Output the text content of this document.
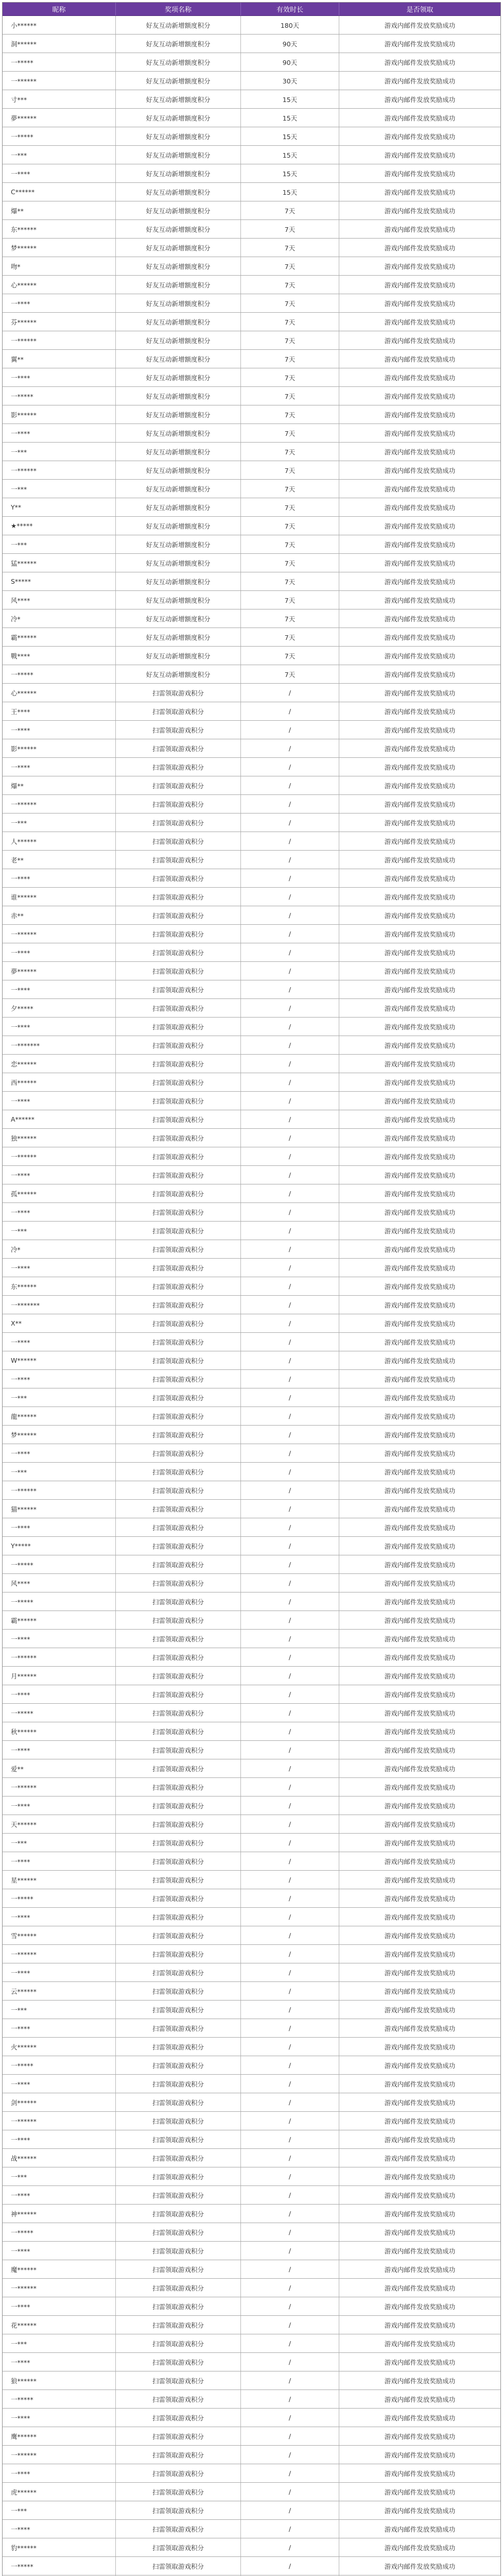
昵称	奖项名称	有效时长	是否领取
小******	好友互动新增额度积分	180天	游戏内邮件发放奖励成功
洞******	好友互动新增额度积分	90天	游戏内邮件发放奖励成功
一*****	好友互动新增额度积分	90天	游戏内邮件发放奖励成功
一******	好友互动新增额度积分	30天	游戏内邮件发放奖励成功
寸***	好友互动新增额度积分	15天	游戏内邮件发放奖励成功
夢******	好友互动新增额度积分	15天	游戏内邮件发放奖励成功
一*****	好友互动新增额度积分	15天	游戏内邮件发放奖励成功
一***	好友互动新增额度积分	15天	游戏内邮件发放奖励成功
一****	好友互动新增额度积分	15天	游戏内邮件发放奖励成功
C******	好友互动新增额度积分	15天	游戏内邮件发放奖励成功
爆**	好友互动新增额度积分	7天	游戏内邮件发放奖励成功
东******	好友互动新增额度积分	7天	游戏内邮件发放奖励成功
梦******	好友互动新增额度积分	7天	游戏内邮件发放奖励成功
吻*	好友互动新增额度积分	7天	游戏内邮件发放奖励成功
心******	好友互动新增额度积分	7天	游戏内邮件发放奖励成功
一****	好友互动新增额度积分	7天	游戏内邮件发放奖励成功
芬******	好友互动新增额度积分	7天	游戏内邮件发放奖励成功
一******	好友互动新增额度积分	7天	游戏内邮件发放奖励成功
翼**	好友互动新增额度积分	7天	游戏内邮件发放奖励成功
一****	好友互动新增额度积分	7天	游戏内邮件发放奖励成功
一*****	好友互动新增额度积分	7天	游戏内邮件发放奖励成功
影******	好友互动新增额度积分	7天	游戏内邮件发放奖励成功
一****	好友互动新增额度积分	7天	游戏内邮件发放奖励成功
一***	好友互动新增额度积分	7天	游戏内邮件发放奖励成功
一******	好友互动新增额度积分	7天	游戏内邮件发放奖励成功
一***	好友互动新增额度积分	7天	游戏内邮件发放奖励成功
Y**	好友互动新增额度积分	7天	游戏内邮件发放奖励成功
★*****	好友互动新增额度积分	7天	游戏内邮件发放奖励成功
一***	好友互动新增额度积分	7天	游戏内邮件发放奖励成功
猛******	好友互动新增额度积分	7天	游戏内邮件发放奖励成功
S*****	好友互动新增额度积分	7天	游戏内邮件发放奖励成功
风****	好友互动新增额度积分	7天	游戏内邮件发放奖励成功
冷*	好友互动新增额度积分	7天	游戏内邮件发放奖励成功
霸******	好友互动新增额度积分	7天	游戏内邮件发放奖励成功
戰****	好友互动新增额度积分	7天	游戏内邮件发放奖励成功
一*****	好友互动新增额度积分	7天	游戏内邮件发放奖励成功
心******	扫雷领取游戏积分	/	游戏内邮件发放奖励成功
王****	扫雷领取游戏积分	/	游戏内邮件发放奖励成功
一****	扫雷领取游戏积分	/	游戏内邮件发放奖励成功
影******	扫雷领取游戏积分	/	游戏内邮件发放奖励成功
一****	扫雷领取游戏积分	/	游戏内邮件发放奖励成功
爆**	扫雷领取游戏积分	/	游戏内邮件发放奖励成功
一******	扫雷领取游戏积分	/	游戏内邮件发放奖励成功
一***	扫雷领取游戏积分	/	游戏内邮件发放奖励成功
人******	扫雷领取游戏积分	/	游戏内邮件发放奖励成功
老**	扫雷领取游戏积分	/	游戏内邮件发放奖励成功
一****	扫雷领取游戏积分	/	游戏内邮件发放奖励成功
谁******	扫雷领取游戏积分	/	游戏内邮件发放奖励成功
赤**	扫雷领取游戏积分	/	游戏内邮件发放奖励成功
一******	扫雷领取游戏积分	/	游戏内邮件发放奖励成功
一****	扫雷领取游戏积分	/	游戏内邮件发放奖励成功
夢******	扫雷领取游戏积分	/	游戏内邮件发放奖励成功
一****	扫雷领取游戏积分	/	游戏内邮件发放奖励成功
夕*****	扫雷领取游戏积分	/	游戏内邮件发放奖励成功
一****	扫雷领取游戏积分	/	游戏内邮件发放奖励成功
一*******	扫雷领取游戏积分	/	游戏内邮件发放奖励成功
恋******	扫雷领取游戏积分	/	游戏内邮件发放奖励成功
西******	扫雷领取游戏积分	/	游戏内邮件发放奖励成功
一****	扫雷领取游戏积分	/	游戏内邮件发放奖励成功
A******	扫雷领取游戏积分	/	游戏内邮件发放奖励成功
独******	扫雷领取游戏积分	/	游戏内邮件发放奖励成功
一******	扫雷领取游戏积分	/	游戏内邮件发放奖励成功
一****	扫雷领取游戏积分	/	游戏内邮件发放奖励成功
孤******	扫雷领取游戏积分	/	游戏内邮件发放奖励成功
一****	扫雷领取游戏积分	/	游戏内邮件发放奖励成功
一***	扫雷领取游戏积分	/	游戏内邮件发放奖励成功
冷*	扫雷领取游戏积分	/	游戏内邮件发放奖励成功
一****	扫雷领取游戏积分	/	游戏内邮件发放奖励成功
东******	扫雷领取游戏积分	/	游戏内邮件发放奖励成功
一*******	扫雷领取游戏积分	/	游戏内邮件发放奖励成功
X**	扫雷领取游戏积分	/	游戏内邮件发放奖励成功
一****	扫雷领取游戏积分	/	游戏内邮件发放奖励成功
W******	扫雷领取游戏积分	/	游戏内邮件发放奖励成功
一****	扫雷领取游戏积分	/	游戏内邮件发放奖励成功
一***	扫雷领取游戏积分	/	游戏内邮件发放奖励成功
龍******	扫雷领取游戏积分	/	游戏内邮件发放奖励成功
梦******	扫雷领取游戏积分	/	游戏内邮件发放奖励成功
一****	扫雷领取游戏积分	/	游戏内邮件发放奖励成功
一***	扫雷领取游戏积分	/	游戏内邮件发放奖励成功
一******	扫雷领取游戏积分	/	游戏内邮件发放奖励成功
猫******	扫雷领取游戏积分	/	游戏内邮件发放奖励成功
一****	扫雷领取游戏积分	/	游戏内邮件发放奖励成功
Y*****	扫雷领取游戏积分	/	游戏内邮件发放奖励成功
一*****	扫雷领取游戏积分	/	游戏内邮件发放奖励成功
风****	扫雷领取游戏积分	/	游戏内邮件发放奖励成功
一*****	扫雷领取游戏积分	/	游戏内邮件发放奖励成功
霸******	扫雷领取游戏积分	/	游戏内邮件发放奖励成功
一****	扫雷领取游戏积分	/	游戏内邮件发放奖励成功
一******	扫雷领取游戏积分	/	游戏内邮件发放奖励成功
月******	扫雷领取游戏积分	/	游戏内邮件发放奖励成功
一****	扫雷领取游戏积分	/	游戏内邮件发放奖励成功
一*****	扫雷领取游戏积分	/	游戏内邮件发放奖励成功
秋******	扫雷领取游戏积分	/	游戏内邮件发放奖励成功
一****	扫雷领取游戏积分	/	游戏内邮件发放奖励成功
爱**	扫雷领取游戏积分	/	游戏内邮件发放奖励成功
一******	扫雷领取游戏积分	/	游戏内邮件发放奖励成功
一****	扫雷领取游戏积分	/	游戏内邮件发放奖励成功
天******	扫雷领取游戏积分	/	游戏内邮件发放奖励成功
一***	扫雷领取游戏积分	/	游戏内邮件发放奖励成功
一****	扫雷领取游戏积分	/	游戏内邮件发放奖励成功
星******	扫雷领取游戏积分	/	游戏内邮件发放奖励成功
一*****	扫雷领取游戏积分	/	游戏内邮件发放奖励成功
一****	扫雷领取游戏积分	/	游戏内邮件发放奖励成功
雪******	扫雷领取游戏积分	/	游戏内邮件发放奖励成功
一******	扫雷领取游戏积分	/	游戏内邮件发放奖励成功
一****	扫雷领取游戏积分	/	游戏内邮件发放奖励成功
云******	扫雷领取游戏积分	/	游戏内邮件发放奖励成功
一***	扫雷领取游戏积分	/	游戏内邮件发放奖励成功
一****	扫雷领取游戏积分	/	游戏内邮件发放奖励成功
火******	扫雷领取游戏积分	/	游戏内邮件发放奖励成功
一*****	扫雷领取游戏积分	/	游戏内邮件发放奖励成功
一****	扫雷领取游戏积分	/	游戏内邮件发放奖励成功
剑******	扫雷领取游戏积分	/	游戏内邮件发放奖励成功
一******	扫雷领取游戏积分	/	游戏内邮件发放奖励成功
一****	扫雷领取游戏积分	/	游戏内邮件发放奖励成功
战******	扫雷领取游戏积分	/	游戏内邮件发放奖励成功
一***	扫雷领取游戏积分	/	游戏内邮件发放奖励成功
一****	扫雷领取游戏积分	/	游戏内邮件发放奖励成功
神******	扫雷领取游戏积分	/	游戏内邮件发放奖励成功
一*****	扫雷领取游戏积分	/	游戏内邮件发放奖励成功
一****	扫雷领取游戏积分	/	游戏内邮件发放奖励成功
魔******	扫雷领取游戏积分	/	游戏内邮件发放奖励成功
一******	扫雷领取游戏积分	/	游戏内邮件发放奖励成功
一****	扫雷领取游戏积分	/	游戏内邮件发放奖励成功
花******	扫雷领取游戏积分	/	游戏内邮件发放奖励成功
一***	扫雷领取游戏积分	/	游戏内邮件发放奖励成功
一****	扫雷领取游戏积分	/	游戏内邮件发放奖励成功
狼******	扫雷领取游戏积分	/	游戏内邮件发放奖励成功
一*****	扫雷领取游戏积分	/	游戏内邮件发放奖励成功
一****	扫雷领取游戏积分	/	游戏内邮件发放奖励成功
鹰******	扫雷领取游戏积分	/	游戏内邮件发放奖励成功
一******	扫雷领取游戏积分	/	游戏内邮件发放奖励成功
一****	扫雷领取游戏积分	/	游戏内邮件发放奖励成功
虎******	扫雷领取游戏积分	/	游戏内邮件发放奖励成功
一***	扫雷领取游戏积分	/	游戏内邮件发放奖励成功
一****	扫雷领取游戏积分	/	游戏内邮件发放奖励成功
豹******	扫雷领取游戏积分	/	游戏内邮件发放奖励成功
一*****	扫雷领取游戏积分	/	游戏内邮件发放奖励成功
